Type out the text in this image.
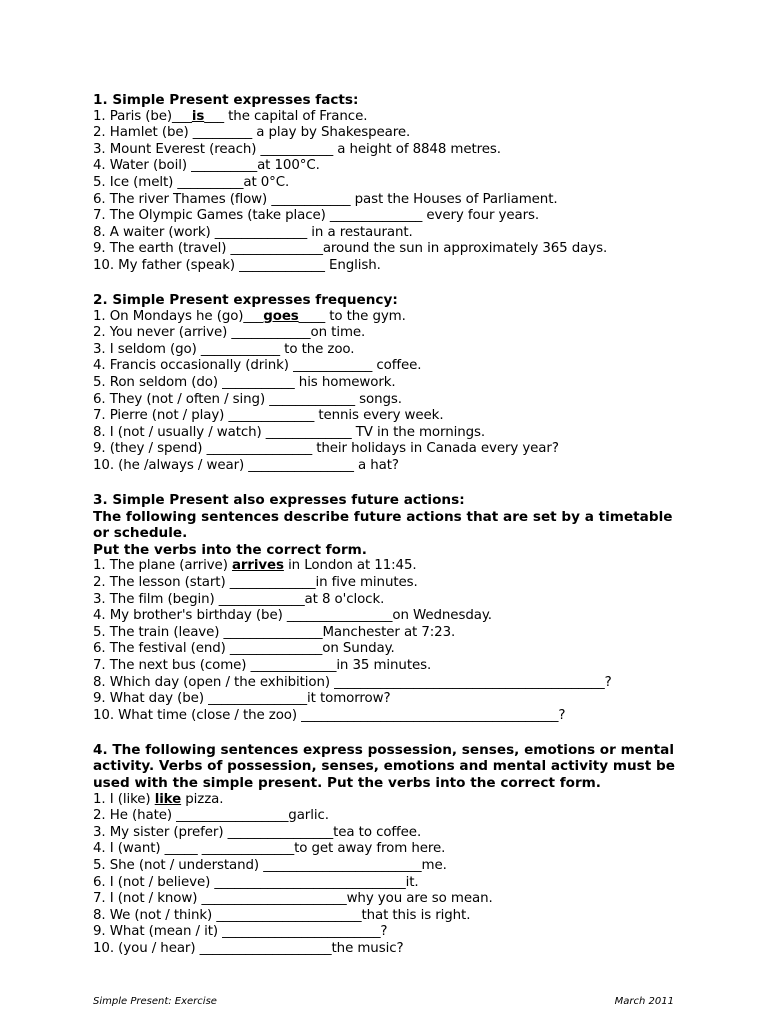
1. Simple Present expresses facts:
1. Paris (be)___is___ the capital of France.
2. Hamlet (be) _________ a play by Shakespeare.
3. Mount Everest (reach) ___________ a height of 8848 metres.
4. Water (boil) __________at 100°C.
5. Ice (melt) __________at 0°C.
6. The river Thames (flow) ____________ past the Houses of Parliament.
7. The Olympic Games (take place) ______________ every four years.
8. A waiter (work) ______________ in a restaurant.
9. The earth (travel) ______________around the sun in approximately 365 days.
10. My father (speak) _____________ English.
2. Simple Present expresses frequency:
1. On Mondays he (go)___goes____ to the gym.
2. You never (arrive) ____________on time.
3. I seldom (go) ____________ to the zoo.
4. Francis occasionally (drink) ____________ coffee.
5. Ron seldom (do) ___________ his homework.
6. They (not / often / sing) _____________ songs.
7. Pierre (not / play) _____________ tennis every week.
8. I (not / usually / watch) _____________ TV in the mornings.
9. (they / spend) ________________ their holidays in Canada every year?
10. (he /always / wear) ________________ a hat?
3. Simple Present also expresses future actions:
The following sentences describe future actions that are set by a timetable or schedule.
Put the verbs into the correct form.
1. The plane (arrive) arrives in London at 11:45.
2. The lesson (start) _____________in five minutes.
3. The film (begin) _____________at 8 o'clock.
4. My brother's birthday (be) ________________on Wednesday.
5. The train (leave) _______________Manchester at 7:23.
6. The festival (end) ______________on Sunday.
7. The next bus (come) _____________in 35 minutes.
8. Which day (open / the exhibition) _________________________________________?
9. What day (be) _______________it tomorrow?
10. What time (close / the zoo) _______________________________________?
4. The following sentences express possession, senses, emotions or mental activity. Verbs of possession, senses, emotions and mental activity must be used with the simple present. Put the verbs into the correct form.
1. I (like) like pizza.
2. He (hate) _________________garlic.
3. My sister (prefer) ________________tea to coffee.
4. I (want) _____ ______________to get away from here.
5. She (not / understand) ________________________me.
6. I (not / believe) _____________________________it.
7. I (not / know) ______________________why you are so mean.
8. We (not / think) ______________________that this is right.
9. What (mean / it) ________________________?
10. (you / hear) ____________________the music?
Simple Present: Exercise	March 2011
